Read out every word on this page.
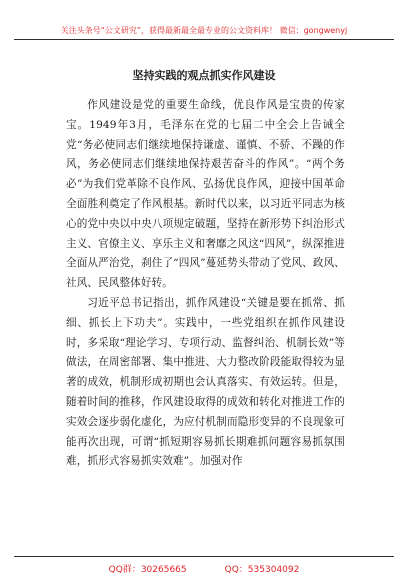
关注头条号“公文研究”，获得最新最全最专业的公文资料库！ 微信：gongwenyj
坚持实践的观点抓实作风建设

作风建设是党的重要生命线，优良作风是宝贵的传家宝。1949年3月，毛泽东在党的七届二中全会上告诫全党“务必使同志们继续地保持谦虚、谨慎、不骄、不躁的作风，务必使同志们继续地保持艰苦奋斗的作风”。“两个务必”为我们党革除不良作风、弘扬优良作风，迎接中国革命全面胜利奠定了作风根基。新时代以来，以习近平同志为核心的党中央以中央八项规定破题，坚持在新形势下纠治形式主义、官僚主义、享乐主义和奢靡之风这“四风”，纵深推进全面从严治党，刹住了“四风”蔓延势头带动了党风、政风、社风、民风整体好转。

习近平总书记指出，抓作风建设“关键是要在抓常、抓细、抓长上下功夫”。实践中，一些党组织在抓作风建设时，多采取“理论学习、专项行动、监督纠治、机制长效”等做法，在周密部署、集中推进、大力整改阶段能取得较为显著的成效，机制形成初期也会认真落实、有效运转。但是，随着时间的推移，作风建设取得的成效和转化对推进工作的实效会逐步弱化虚化，为应付机制而隐形变异的不良现象可能再次出现，可谓“抓短期容易抓长期难抓问题容易抓氛围难，抓形式容易抓实效难”。加强对作

QQ群：30265665	QQ：535304092
